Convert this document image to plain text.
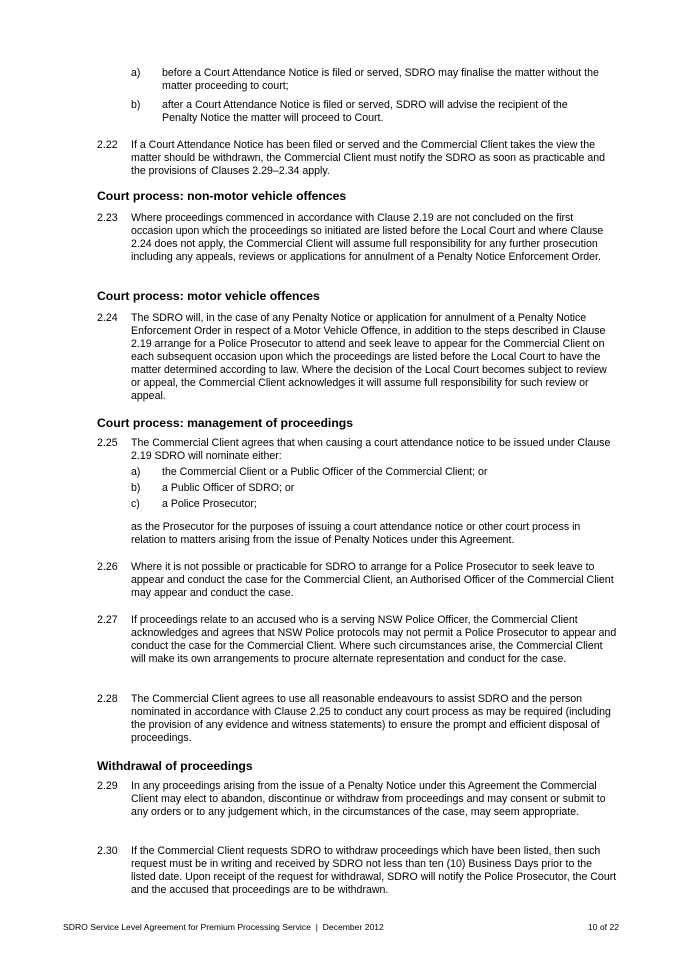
a) before a Court Attendance Notice is filed or served, SDRO may finalise the matter without the matter proceeding to court;
b) after a Court Attendance Notice is filed or served, SDRO will advise the recipient of the Penalty Notice the matter will proceed to Court.
2.22 If a Court Attendance Notice has been filed or served and the Commercial Client takes the view the matter should be withdrawn, the Commercial Client must notify the SDRO as soon as practicable and the provisions of Clauses 2.29–2.34 apply.
Court process: non-motor vehicle offences
2.23 Where proceedings commenced in accordance with Clause 2.19 are not concluded on the first occasion upon which the proceedings so initiated are listed before the Local Court and where Clause 2.24 does not apply, the Commercial Client will assume full responsibility for any further prosecution including any appeals, reviews or applications for annulment of a Penalty Notice Enforcement Order.
Court process: motor vehicle offences
2.24 The SDRO will, in the case of any Penalty Notice or application for annulment of a Penalty Notice Enforcement Order in respect of a Motor Vehicle Offence, in addition to the steps described in Clause 2.19 arrange for a Police Prosecutor to attend and seek leave to appear for the Commercial Client on each subsequent occasion upon which the proceedings are listed before the Local Court to have the matter determined according to law. Where the decision of the Local Court becomes subject to review or appeal, the Commercial Client acknowledges it will assume full responsibility for such review or appeal.
Court process: management of proceedings
2.25 The Commercial Client agrees that when causing a court attendance notice to be issued under Clause 2.19 SDRO will nominate either:
a) the Commercial Client or a Public Officer of the Commercial Client; or
b) a Public Officer of SDRO; or
c) a Police Prosecutor;
as the Prosecutor for the purposes of issuing a court attendance notice or other court process in relation to matters arising from the issue of Penalty Notices under this Agreement.
2.26 Where it is not possible or practicable for SDRO to arrange for a Police Prosecutor to seek leave to appear and conduct the case for the Commercial Client, an Authorised Officer of the Commercial Client may appear and conduct the case.
2.27 If proceedings relate to an accused who is a serving NSW Police Officer, the Commercial Client acknowledges and agrees that NSW Police protocols may not permit a Police Prosecutor to appear and conduct the case for the Commercial Client. Where such circumstances arise, the Commercial Client will make its own arrangements to procure alternate representation and conduct for the case.
2.28 The Commercial Client agrees to use all reasonable endeavours to assist SDRO and the person nominated in accordance with Clause 2.25 to conduct any court process as may be required (including the provision of any evidence and witness statements) to ensure the prompt and efficient disposal of proceedings.
Withdrawal of proceedings
2.29 In any proceedings arising from the issue of a Penalty Notice under this Agreement the Commercial Client may elect to abandon, discontinue or withdraw from proceedings and may consent or submit to any orders or to any judgement which, in the circumstances of the case, may seem appropriate.
2.30 If the Commercial Client requests SDRO to withdraw proceedings which have been listed, then such request must be in writing and received by SDRO not less than ten (10) Business Days prior to the listed date. Upon receipt of the request for withdrawal, SDRO will notify the Police Prosecutor, the Court and the accused that proceedings are to be withdrawn.
SDRO Service Level Agreement for Premium Processing Service  |  December 2012	10 of 22
